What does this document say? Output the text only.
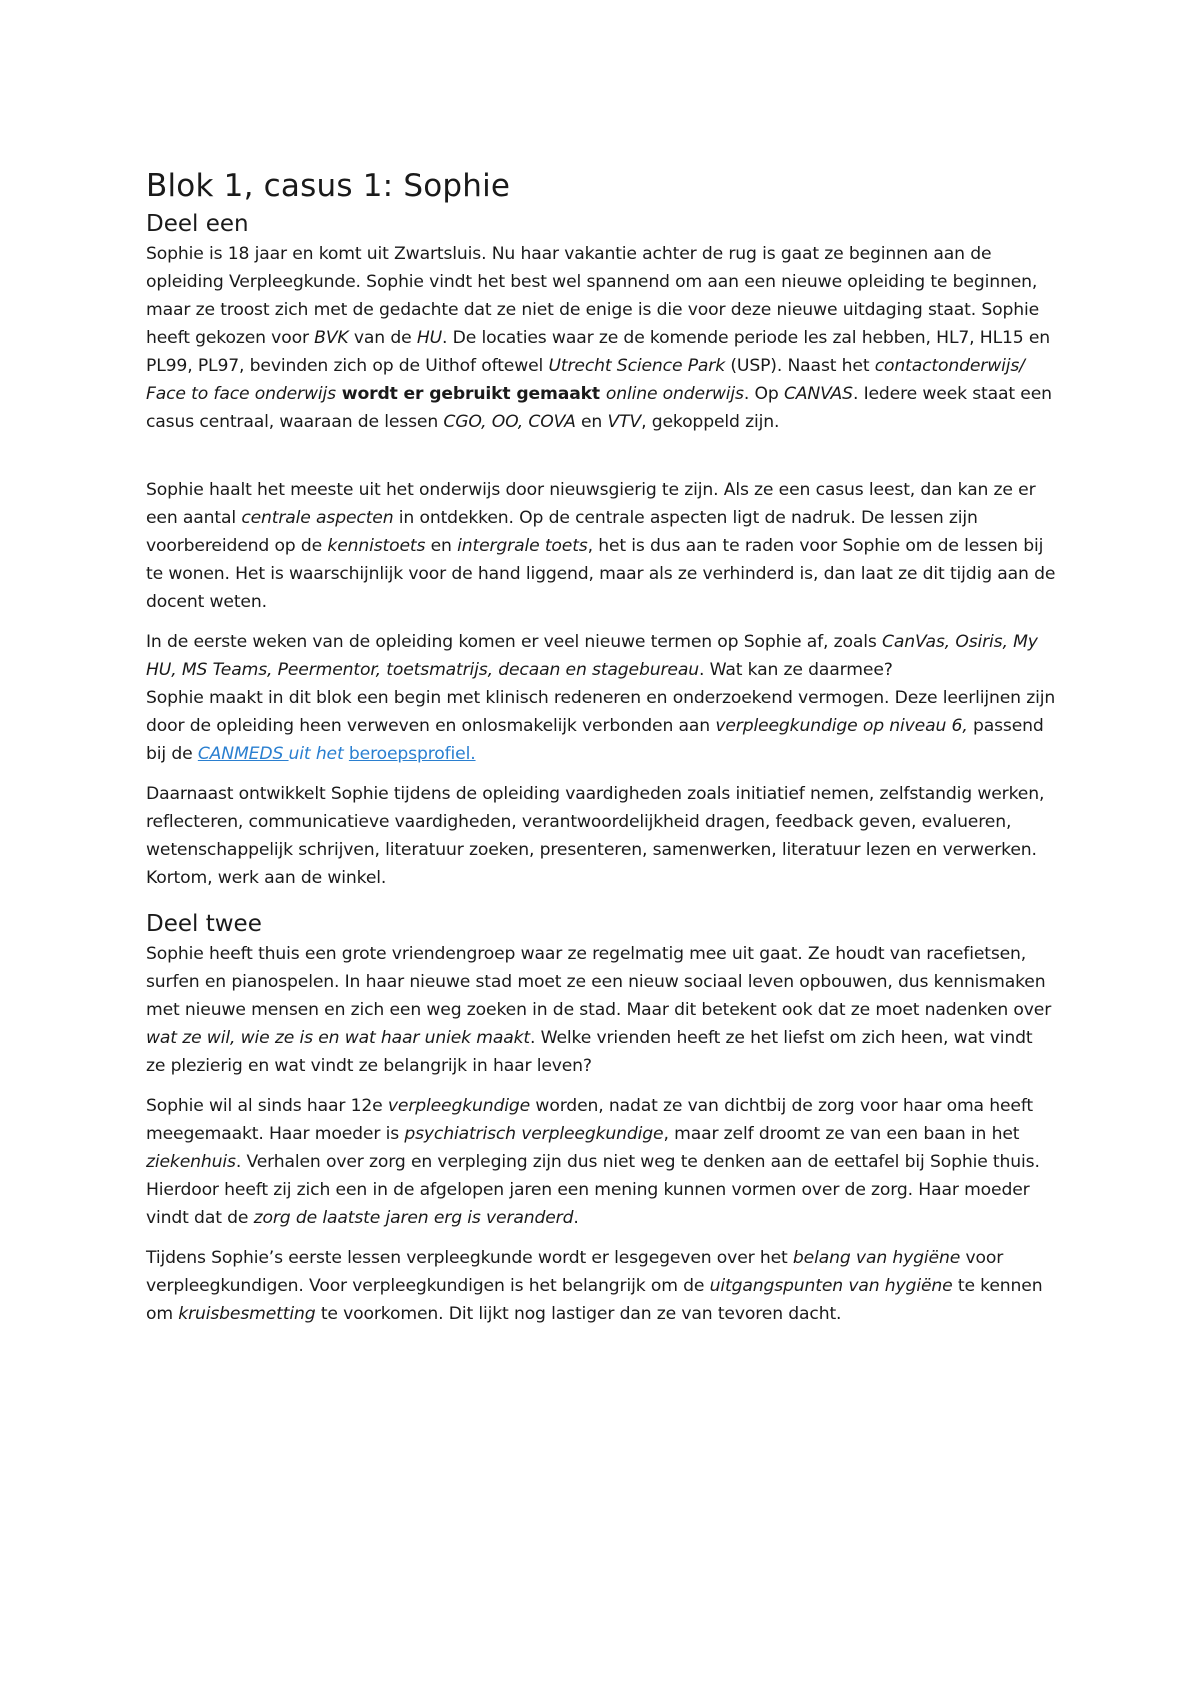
Blok 1, casus 1: Sophie
Deel een

Sophie is 18 jaar en komt uit Zwartsluis. Nu haar vakantie achter de rug is gaat ze beginnen aan de opleiding Verpleegkunde. Sophie vindt het best wel spannend om aan een nieuwe opleiding te beginnen, maar ze troost zich met de gedachte dat ze niet de enige is die voor deze nieuwe uitdaging staat. Sophie heeft gekozen voor BVK van de HU. De locaties waar ze de komende periode les zal hebben, HL7, HL15 en PL99, PL97, bevinden zich op de Uithof oftewel Utrecht Science Park (USP). Naast het contactonderwijs/ Face to face onderwijs wordt er gebruikt gemaakt online onderwijs. Op CANVAS. Iedere week staat een casus centraal, waaraan de lessen CGO, OO, COVA en VTV, gekoppeld zijn.

Sophie haalt het meeste uit het onderwijs door nieuwsgierig te zijn. Als ze een casus leest, dan kan ze er een aantal centrale aspecten in ontdekken. Op de centrale aspecten ligt de nadruk. De lessen zijn voorbereidend op de kennistoets en intergrale toets, het is dus aan te raden voor Sophie om de lessen bij te wonen. Het is waarschijnlijk voor de hand liggend, maar als ze verhinderd is, dan laat ze dit tijdig aan de docent weten.

In de eerste weken van de opleiding komen er veel nieuwe termen op Sophie af, zoals CanVas, Osiris, My HU, MS Teams, Peermentor, toetsmatrijs, decaan en stagebureau. Wat kan ze daarmee?

Sophie maakt in dit blok een begin met klinisch redeneren en onderzoekend vermogen. Deze leerlijnen zijn door de opleiding heen verweven en onlosmakelijk verbonden aan verpleegkundige op niveau 6, passend bij de CANMEDS uit het beroepsprofiel.

Daarnaast ontwikkelt Sophie tijdens de opleiding vaardigheden zoals initiatief nemen, zelfstandig werken, reflecteren, communicatieve vaardigheden, verantwoordelijkheid dragen, feedback geven, evalueren, wetenschappelijk schrijven, literatuur zoeken, presenteren, samenwerken, literatuur lezen en verwerken. Kortom, werk aan de winkel.

Deel twee

Sophie heeft thuis een grote vriendengroep waar ze regelmatig mee uit gaat. Ze houdt van racefietsen, surfen en pianospelen. In haar nieuwe stad moet ze een nieuw sociaal leven opbouwen, dus kennismaken met nieuwe mensen en zich een weg zoeken in de stad. Maar dit betekent ook dat ze moet nadenken over wat ze wil, wie ze is en wat haar uniek maakt. Welke vrienden heeft ze het liefst om zich heen, wat vindt ze plezierig en wat vindt ze belangrijk in haar leven?

Sophie wil al sinds haar 12e verpleegkundige worden, nadat ze van dichtbij de zorg voor haar oma heeft meegemaakt. Haar moeder is psychiatrisch verpleegkundige, maar zelf droomt ze van een baan in het ziekenhuis. Verhalen over zorg en verpleging zijn dus niet weg te denken aan de eettafel bij Sophie thuis. Hierdoor heeft zij zich een in de afgelopen jaren een mening kunnen vormen over de zorg. Haar moeder vindt dat de zorg de laatste jaren erg is veranderd.

Tijdens Sophie’s eerste lessen verpleegkunde wordt er lesgegeven over het belang van hygiëne voor verpleegkundigen. Voor verpleegkundigen is het belangrijk om de uitgangspunten van hygiëne te kennen om kruisbesmetting te voorkomen. Dit lijkt nog lastiger dan ze van tevoren dacht.
